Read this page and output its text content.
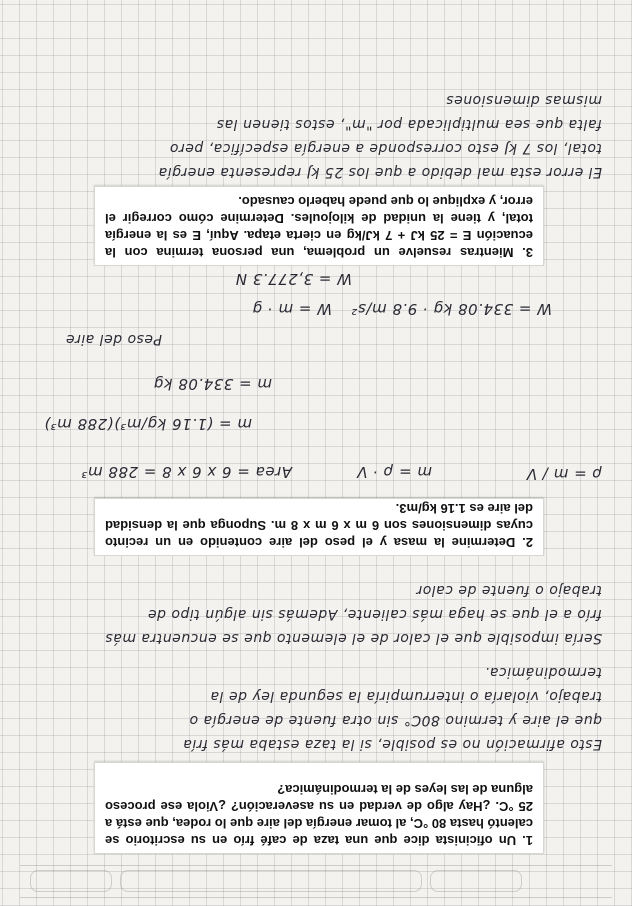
1. Un oficinista dice que una taza de café frío en su escritorio se calentó hasta 80 °C, al tomar energía del aire que lo rodea, que está a 25 °C. ¿Hay algo de verdad en su aseveración? ¿Viola ese proceso alguna de las leyes de la termodinámica?
Esto afirmación no es posible, si la taza estaba más fría
que el aire y termino 80C° sin otra fuente de energía o
trabajo, violaría o interrumpiría la segunda ley de la
termodinámica.
Sería imposible que el calor de el elemento que se encuentra más
frío a el que se haga más caliente, Además sin algún tipo de
trabajo o fuente de calor
2. Determine la masa y el peso del aire contenido en un recinto cuyas dimensiones son 6 m x 6 m x 8 m. Suponga que la densidad del aire es 1.16 kg/m3.
ρ = m / V
m = ρ · V
Area = 6 x 6 x 8 = 288 m³
m = (1.16 kg/m³)(288 m³)
m = 334.08 kg
Peso del aire
W = m · g W = 334.08 kg · 9.8 m/s²
W = 3,277.3 N
3. Mientras resuelve un problema, una persona termina con la ecuación E = 25 kJ + 7 kJ/kg en cierta etapa. Aquí, E es la energía total, y tiene la unidad de kilojoules. Determine cómo corregir el error, y explique lo que puede haberlo causado.
El error esta mal debido a que los 25 kJ representa energía
total, los 7 kJ esto corresponde a energía específica, pero
falta que sea multiplicada por "m", estos tienen las
mismas dimensiones
